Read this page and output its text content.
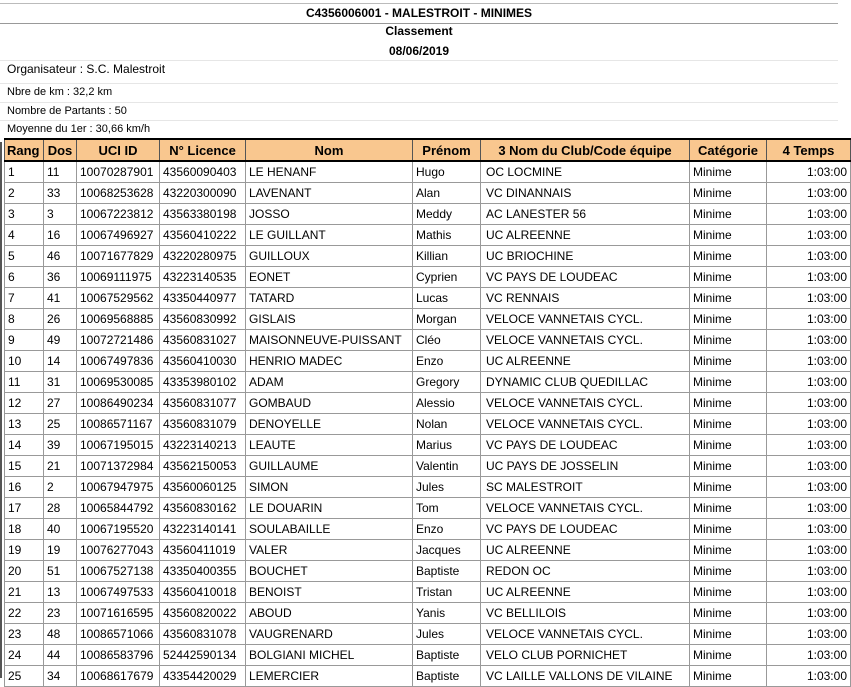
C4356006001 - MALESTROIT - MINIMES
Classement
08/06/2019
Organisateur : S.C. Malestroit
Nbre de km : 32,2 km
Nombre de Partants : 50
Moyenne du 1er : 30,66 km/h
Rang	Dos	UCI ID	N° Licence	Nom	Prénom	3 Nom du Club/Code équipe	Catégorie	4 Temps
1	11	10070287901	43560090403	LE HENANF	Hugo	OC LOCMINE	Minime	1:03:00
2	33	10068253628	43220300090	LAVENANT	Alan	VC DINANNAIS	Minime	1:03:00
3	3	10067223812	43563380198	JOSSO	Meddy	AC LANESTER 56	Minime	1:03:00
4	16	10067496927	43560410222	LE GUILLANT	Mathis	UC ALREENNE	Minime	1:03:00
5	46	10071677829	43220280975	GUILLOUX	Killian	UC BRIOCHINE	Minime	1:03:00
6	36	10069111975	43223140535	EONET	Cyprien	VC PAYS DE LOUDEAC	Minime	1:03:00
7	41	10067529562	43350440977	TATARD	Lucas	VC RENNAIS	Minime	1:03:00
8	26	10069568885	43560830992	GISLAIS	Morgan	VELOCE VANNETAIS CYCL.	Minime	1:03:00
9	49	10072721486	43560831027	MAISONNEUVE-PUISSANT	Cléo	VELOCE VANNETAIS CYCL.	Minime	1:03:00
10	14	10067497836	43560410030	HENRIO MADEC	Enzo	UC ALREENNE	Minime	1:03:00
11	31	10069530085	43353980102	ADAM	Gregory	DYNAMIC CLUB QUEDILLAC	Minime	1:03:00
12	27	10086490234	43560831077	GOMBAUD	Alessio	VELOCE VANNETAIS CYCL.	Minime	1:03:00
13	25	10086571167	43560831079	DENOYELLE	Nolan	VELOCE VANNETAIS CYCL.	Minime	1:03:00
14	39	10067195015	43223140213	LEAUTE	Marius	VC PAYS DE LOUDEAC	Minime	1:03:00
15	21	10071372984	43562150053	GUILLAUME	Valentin	UC PAYS DE JOSSELIN	Minime	1:03:00
16	2	10067947975	43560060125	SIMON	Jules	SC MALESTROIT	Minime	1:03:00
17	28	10065844792	43560830162	LE DOUARIN	Tom	VELOCE VANNETAIS CYCL.	Minime	1:03:00
18	40	10067195520	43223140141	SOULABAILLE	Enzo	VC PAYS DE LOUDEAC	Minime	1:03:00
19	19	10076277043	43560411019	VALER	Jacques	UC ALREENNE	Minime	1:03:00
20	51	10067527138	43350400355	BOUCHET	Baptiste	REDON OC	Minime	1:03:00
21	13	10067497533	43560410018	BENOIST	Tristan	UC ALREENNE	Minime	1:03:00
22	23	10071616595	43560820022	ABOUD	Yanis	VC BELLILOIS	Minime	1:03:00
23	48	10086571066	43560831078	VAUGRENARD	Jules	VELOCE VANNETAIS CYCL.	Minime	1:03:00
24	44	10086583796	52442590134	BOLGIANI MICHEL	Baptiste	VELO CLUB PORNICHET	Minime	1:03:00
25	34	10068617679	43354420029	LEMERCIER	Baptiste	VC LAILLE VALLONS DE VILAINE	Minime	1:03:00
